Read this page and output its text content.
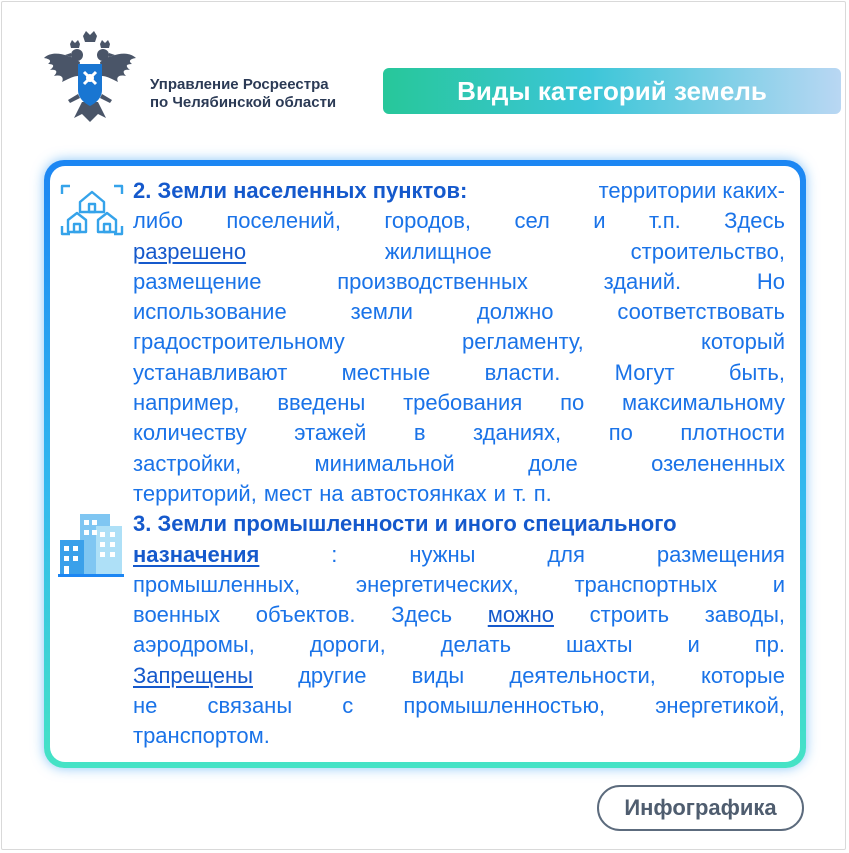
Управление Росреестра
по Челябинской области	Виды категорий земель
2. Земли населенных пунктов:	территории каких-
либо поселений, городов, сел и т.п. Здесь
разрешено	жилищное	строительство,
размещение	производственных	зданий.	Но
использование	земли	должно	соответствовать
градостроительному	регламенту,	который
устанавливают местные власти. Могут быть,
например, введены требования по максимальному
количеству этажей в зданиях, по плотности
застройки,	минимальной	доле	озелененных
территорий, мест на автостоянках и т. п.
3. Земли промышленности и иного специального
назначения	:	нужны	для	размещения
промышленных,	энергетических,	транспортных	и
военных объектов. Здесь можно строить заводы,
аэродромы, дороги, делать шахты и пр.
Запрещены другие виды деятельности, которые
не связаны с промышленностью, энергетикой,
транспортом.
Инфографика
